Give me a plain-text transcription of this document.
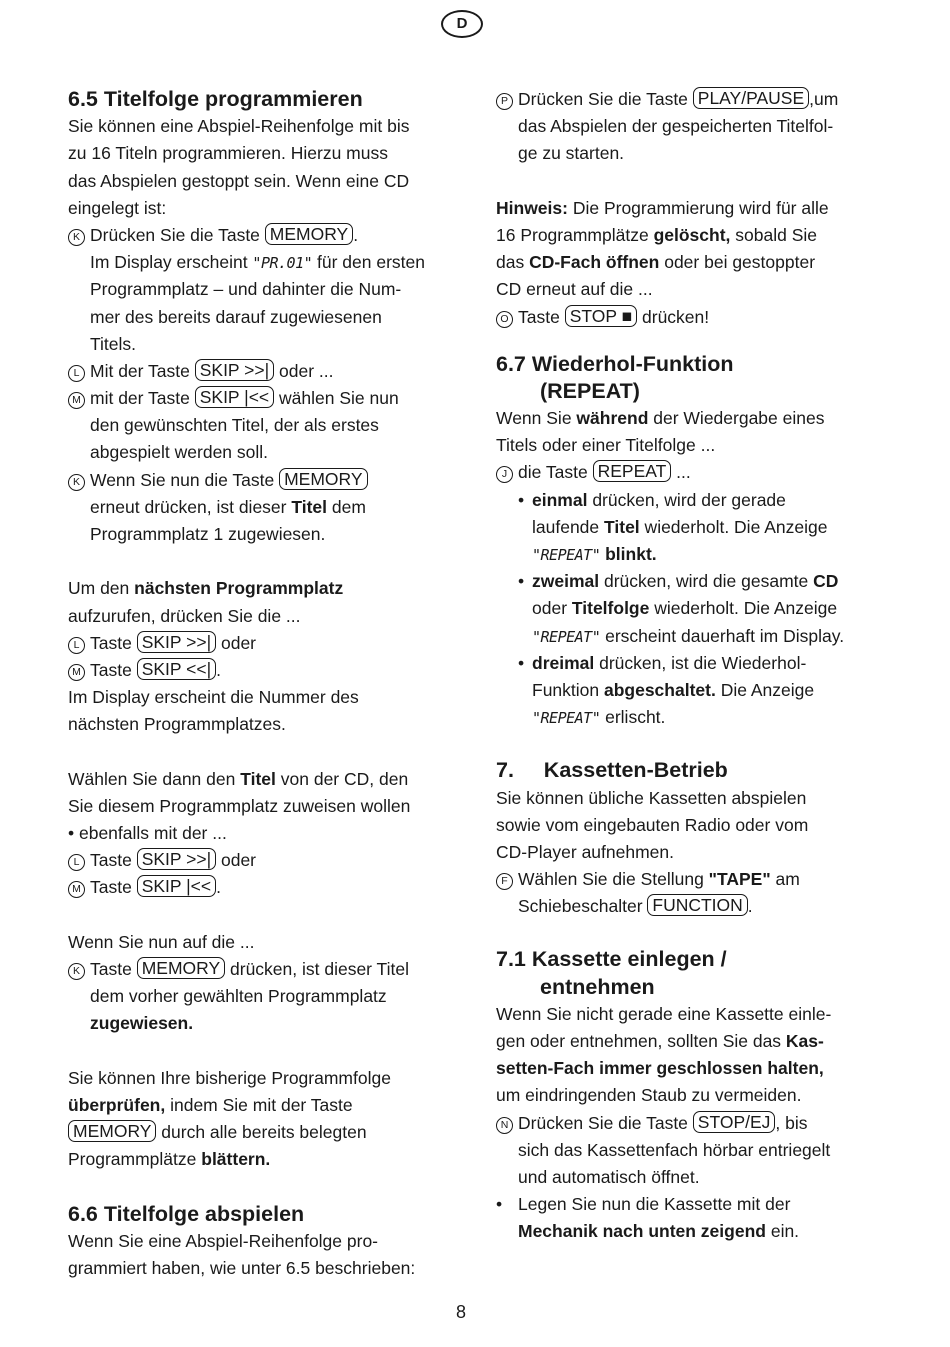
D
6.5 Titelfolge programmieren
Sie können eine Abspiel-Reihenfolge mit bis
zu 16 Titeln programmieren. Hierzu muss
das Abspielen gestoppt sein. Wenn eine CD
eingelegt ist:
K Drücken Sie die Taste MEMORY .
Im Display erscheint "PR.01" für den ersten
Programmplatz – und dahinter die Num-
mer des bereits darauf zugewiesenen
Titels.
L Mit der Taste SKIP >>| oder ...
M mit der Taste SKIP |<< wählen Sie nun
den gewünschten Titel, der als erstes
abgespielt werden soll.
K Wenn Sie nun die Taste MEMORY
erneut drücken, ist dieser Titel dem
Programmplatz 1 zugewiesen.
Um den nächsten Programmplatz
aufzurufen, drücken Sie die ...
L Taste SKIP >>| oder
M Taste SKIP <<| .
Im Display erscheint die Nummer des
nächsten Programmplatzes.
Wählen Sie dann den Titel von der CD, den
Sie diesem Programmplatz zuweisen wollen
• ebenfalls mit der ...
L Taste SKIP >>| oder
M Taste SKIP |<< .
Wenn Sie nun auf die ...
K Taste MEMORY drücken, ist dieser Titel
dem vorher gewählten Programmplatz
zugewiesen.
Sie können Ihre bisherige Programmfolge
überprüfen, indem Sie mit der Taste
MEMORY durch alle bereits belegten
Programmplätze blättern.
6.6 Titelfolge abspielen
Wenn Sie eine Abspiel-Reihenfolge pro-
grammiert haben, wie unter 6.5 beschrieben:
P Drücken Sie die Taste PLAY/PAUSE ,um
das Abspielen der gespeicherten Titelfol-
ge zu starten.
Hinweis: Die Programmierung wird für alle
16 Programmplätze gelöscht, sobald Sie
das CD-Fach öffnen oder bei gestoppter
CD erneut auf die ...
O Taste STOP ■ drücken!
6.7 Wiederhol-Funktion
(REPEAT)
Wenn Sie während der Wiedergabe eines
Titels oder einer Titelfolge ...
J die Taste REPEAT ...
• einmal drücken, wird der gerade
laufende Titel wiederholt. Die Anzeige
"REPEAT" blinkt.
• zweimal drücken, wird die gesamte CD
oder Titelfolge wiederholt. Die Anzeige
"REPEAT" erscheint dauerhaft im Display.
• dreimal drücken, ist die Wiederhol-
Funktion abgeschaltet. Die Anzeige
"REPEAT" erlischt.
7.     Kassetten-Betrieb
Sie können übliche Kassetten abspielen
sowie vom eingebauten Radio oder vom
CD-Player aufnehmen.
F Wählen Sie die Stellung "TAPE" am
Schiebeschalter FUNCTION .
7.1 Kassette einlegen /
entnehmen
Wenn Sie nicht gerade eine Kassette einle-
gen oder entnehmen, sollten Sie das Kas-
setten-Fach immer geschlossen halten,
um eindringenden Staub zu vermeiden.
N Drücken Sie die Taste STOP/EJ , bis
sich das Kassettenfach hörbar entriegelt
und automatisch öffnet.
• Legen Sie nun die Kassette mit der
Mechanik nach unten zeigend ein.
8
